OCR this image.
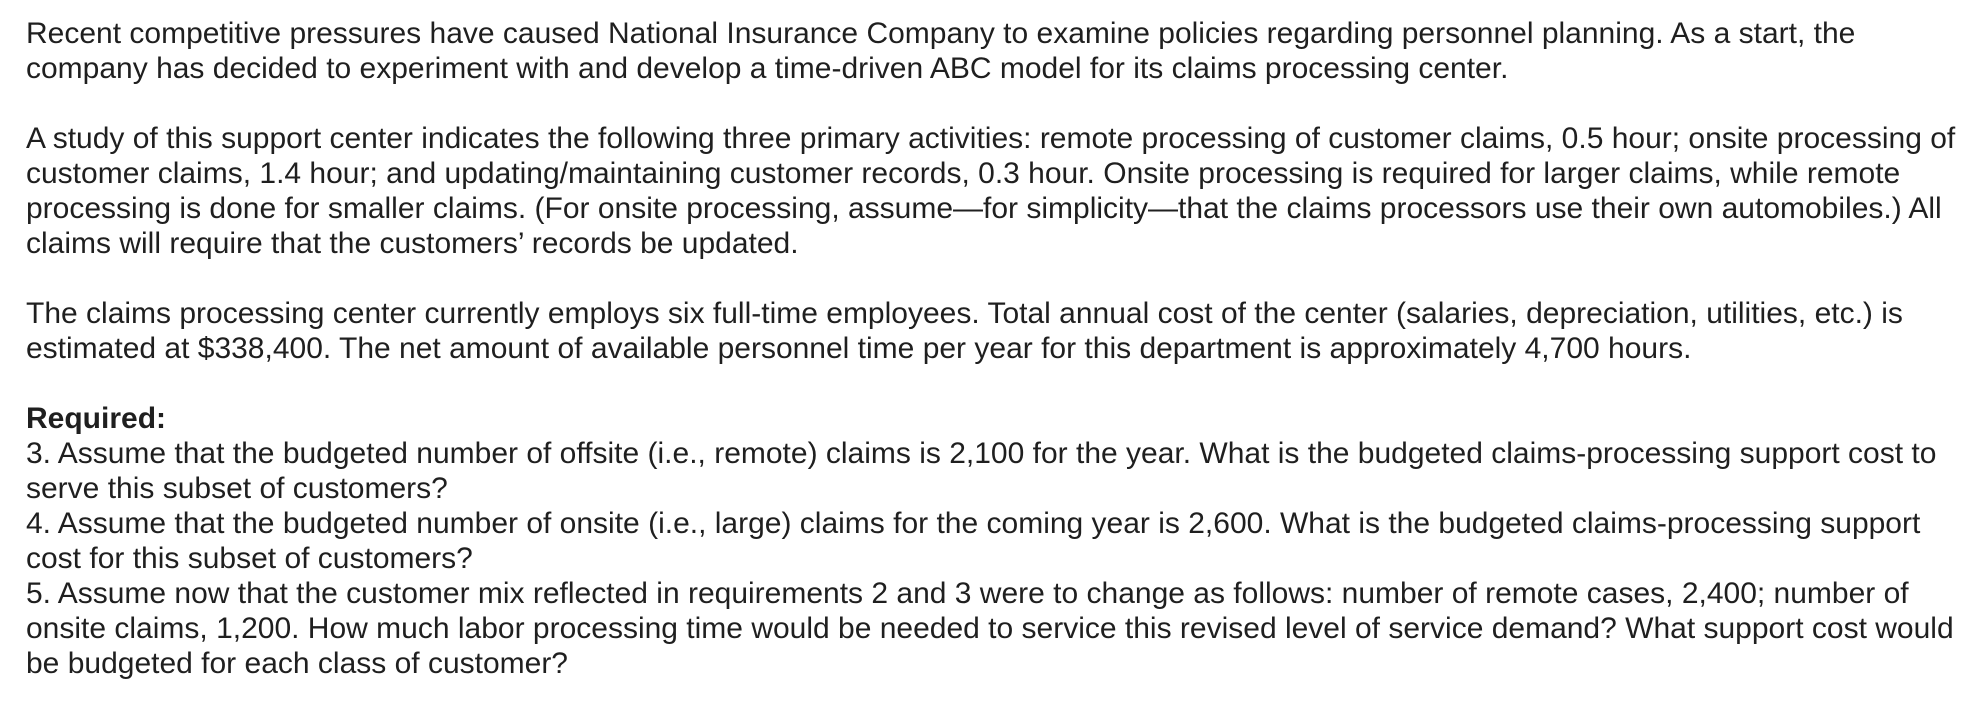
Recent competitive pressures have caused National Insurance Company to examine policies regarding personnel planning. As a start, the company has decided to experiment with and develop a time-driven ABC model for its claims processing center.

A study of this support center indicates the following three primary activities: remote processing of customer claims, 0.5 hour; onsite processing of customer claims, 1.4 hour; and updating/maintaining customer records, 0.3 hour. Onsite processing is required for larger claims, while remote processing is done for smaller claims. (For onsite processing, assume—for simplicity—that the claims processors use their own automobiles.) All claims will require that the customers’ records be updated.

The claims processing center currently employs six full-time employees. Total annual cost of the center (salaries, depreciation, utilities, etc.) is estimated at $338,400. The net amount of available personnel time per year for this department is approximately 4,700 hours.

Required:
3. Assume that the budgeted number of offsite (i.e., remote) claims is 2,100 for the year. What is the budgeted claims-processing support cost to serve this subset of customers?
4. Assume that the budgeted number of onsite (i.e., large) claims for the coming year is 2,600. What is the budgeted claims-processing support cost for this subset of customers?
5. Assume now that the customer mix reflected in requirements 2 and 3 were to change as follows: number of remote cases, 2,400; number of onsite claims, 1,200. How much labor processing time would be needed to service this revised level of service demand? What support cost would be budgeted for each class of customer?
